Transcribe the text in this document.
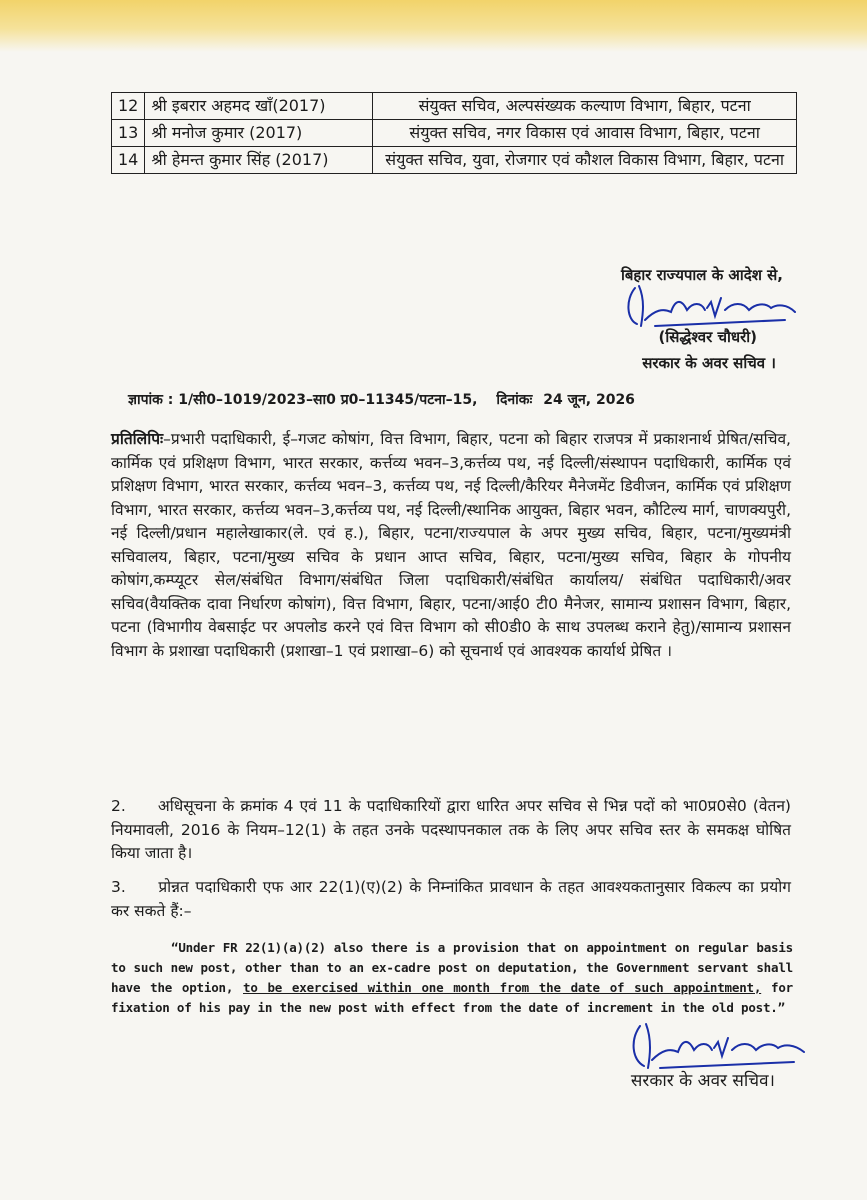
12	श्री इबरार अहमद खाँ(2017)	संयुक्त सचिव, अल्पसंख्यक कल्याण विभाग, बिहार, पटना
13	श्री मनोज कुमार (2017)	संयुक्त सचिव, नगर विकास एवं आवास विभाग, बिहार, पटना
14	श्री हेमन्त कुमार सिंह (2017)	संयुक्त सचिव, युवा, रोजगार एवं कौशल विकास विभाग, बिहार, पटना
बिहार राज्यपाल के आदेश से,
(सिद्धेश्वर चौधरी)
सरकार के अवर सचिव ।
ज्ञापांक : 1/सी0–1019/2023–सा0 प्र0–11345/पटना–15, दिनांकः 24 जून, 2026
प्रतिलिपिः–प्रभारी पदाधिकारी, ई–गजट कोषांग, वित्त विभाग, बिहार, पटना को बिहार राजपत्र में प्रकाशनार्थ प्रेषित/सचिव, कार्मिक एवं प्रशिक्षण विभाग, भारत सरकार, कर्त्तव्य भवन–3,कर्त्तव्य पथ, नई दिल्ली/संस्थापन पदाधिकारी, कार्मिक एवं प्रशिक्षण विभाग, भारत सरकार, कर्त्तव्य भवन–3, कर्त्तव्य पथ, नई दिल्ली/कैरियर मैनेजमेंट डिवीजन, कार्मिक एवं प्रशिक्षण विभाग, भारत सरकार, कर्त्तव्य भवन–3,कर्त्तव्य पथ, नई दिल्ली/स्थानिक आयुक्त, बिहार भवन, कौटिल्य मार्ग, चाणक्यपुरी, नई दिल्ली/प्रधान महालेखाकार(ले. एवं ह.), बिहार, पटना/राज्यपाल के अपर मुख्य सचिव, बिहार, पटना/मुख्यमंत्री सचिवालय, बिहार, पटना/मुख्य सचिव के प्रधान आप्त सचिव, बिहार, पटना/मुख्य सचिव, बिहार के गोपनीय कोषांग,कम्प्यूटर सेल/संबंधित विभाग/संबंधित जिला पदाधिकारी/संबंधित कार्यालय/ संबंधित पदाधिकारी/अवर सचिव(वैयक्तिक दावा निर्धारण कोषांग), वित्त विभाग, बिहार, पटना/आई0 टी0 मैनेजर, सामान्य प्रशासन विभाग, बिहार, पटना (विभागीय वेबसाईट पर अपलोड करने एवं वित्त विभाग को सी0डी0 के साथ उपलब्ध कराने हेतु)/सामान्य प्रशासन विभाग के प्रशाखा पदाधिकारी (प्रशाखा–1 एवं प्रशाखा–6) को सूचनार्थ एवं आवश्यक कार्यार्थ प्रेषित ।
2. अधिसूचना के क्रमांक 4 एवं 11 के पदाधिकारियों द्वारा धारित अपर सचिव से भिन्न पदों को भा0प्र0से0 (वेतन) नियमावली, 2016 के नियम–12(1) के तहत उनके पदस्थापनकाल तक के लिए अपर सचिव स्तर के समकक्ष घोषित किया जाता है।
3. प्रोन्नत पदाधिकारी एफ आर 22(1)(ए)(2) के निम्नांकित प्रावधान के तहत आवश्यकतानुसार विकल्प का प्रयोग कर सकते हैं:–
“Under FR 22(1)(a)(2) also there is a provision that on appointment on regular basis to such new post, other than to an ex-cadre post on deputation, the Government servant shall have the option, to be exercised within one month from the date of such appointment, for fixation of his pay in the new post with effect from the date of increment in the old post.”
सरकार के अवर सचिव।
